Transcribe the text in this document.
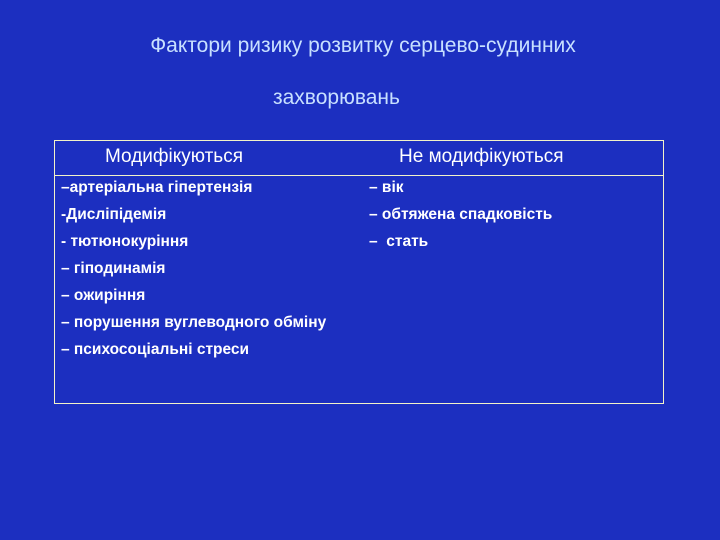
Фактори ризику розвитку серцево-судинних
захворювань
Модифікуються	Не модифікуються
–артеріальна гіпертензія
-Дисліпідемія
- тютюнокуріння
– гіподинамія
– ожиріння
– порушення вуглеводного обміну
– психосоціальні стреси
– вік
– обтяжена спадковість
–  стать
